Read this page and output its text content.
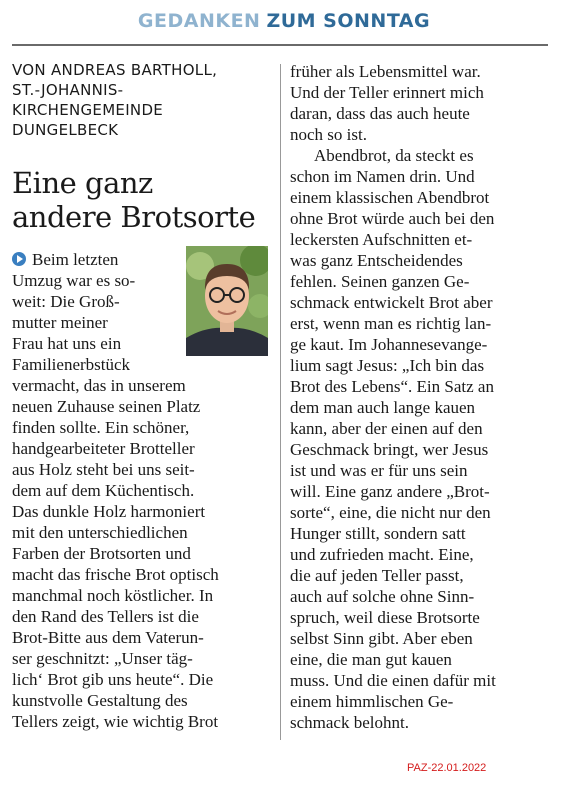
GEDANKEN ZUM SONNTAG
VON ANDREAS BARTHOLL,
ST.-JOHANNIS-
KIRCHENGEMEINDE
DUNGELBECK
Eine ganz
andere Brotsorte
Beim letzten
Umzug war es so-
weit: Die Groß-
mutter meiner
Frau hat uns ein
Familienerbstück
vermacht, das in unserem
neuen Zuhause seinen Platz
finden sollte. Ein schöner,
handgearbeiteter Brotteller
aus Holz steht bei uns seit-
dem auf dem Küchentisch.
Das dunkle Holz harmoniert
mit den unterschiedlichen
Farben der Brotsorten und
macht das frische Brot optisch
manchmal noch köstlicher. In
den Rand des Tellers ist die
Brot-Bitte aus dem Vaterun-
ser geschnitzt: „Unser täg-
lich‘ Brot gib uns heute“. Die
kunstvolle Gestaltung des
Tellers zeigt, wie wichtig Brot
früher als Lebensmittel war.
Und der Teller erinnert mich
daran, dass das auch heute
noch so ist.
Abendbrot, da steckt es
schon im Namen drin. Und
einem klassischen Abendbrot
ohne Brot würde auch bei den
leckersten Aufschnitten et-
was ganz Entscheidendes
fehlen. Seinen ganzen Ge-
schmack entwickelt Brot aber
erst, wenn man es richtig lan-
ge kaut. Im Johannesevange-
lium sagt Jesus: „Ich bin das
Brot des Lebens“. Ein Satz an
dem man auch lange kauen
kann, aber der einen auf den
Geschmack bringt, wer Jesus
ist und was er für uns sein
will. Eine ganz andere „Brot-
sorte“, eine, die nicht nur den
Hunger stillt, sondern satt
und zufrieden macht. Eine,
die auf jeden Teller passt,
auch auf solche ohne Sinn-
spruch, weil diese Brotsorte
selbst Sinn gibt. Aber eben
eine, die man gut kauen
muss. Und die einen dafür mit
einem himmlischen Ge-
schmack belohnt.
PAZ-22.01.2022
